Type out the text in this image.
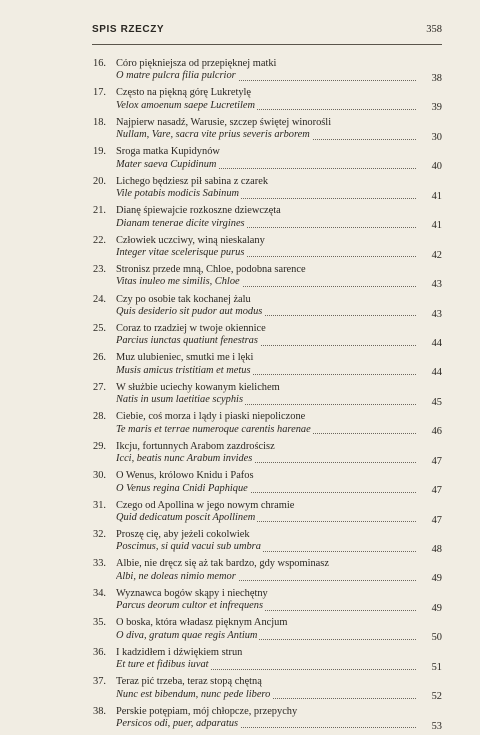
SPIS RZECZY	358
16. Córo piękniejsza od przepięknej matki
O matre pulcra filia pulcrior	38
17. Często na piękną górę Lukretylę
Velox amoenum saepe Lucretilem	39
18. Najpierw nasadź, Warusie, szczep świętej winorośli
Nullam, Vare, sacra vite prius severis arborem	30
19. Sroga matka Kupidynów
Mater saeva Cupidinum	40
20. Lichego będziesz pił sabina z czarek
Vile potabis modicis Sabinum	41
21. Dianę śpiewajcie rozkoszne dziewczęta
Dianam tenerae dicite virgines	41
22. Człowiek uczciwy, winą nieskalany
Integer vitae scelerisque purus	42
23. Stronisz przede mną, Chloe, podobna sarence
Vitas inuleo me similis, Chloe	43
24. Czy po osobie tak kochanej żalu
Quis desiderio sit pudor aut modus	43
25. Coraz to rzadziej w twoje okiennice
Parcius iunctas quatiunt fenestras	44
26. Muz ulubieniec, smutki me i lęki
Musis amicus tristitiam et metus	44
27. W służbie uciechy kowanym kielichem
Natis in usum laetitiae scyphis	45
28. Ciebie, coś morza i lądy i piaski niepoliczone
Te maris et terrae numeroque carentis harenae	46
29. Ikcju, fortunnych Arabom zazdrościsz
Icci, beatis nunc Arabum invides	47
30. O Wenus, królowo Knidu i Pafos
O Venus regina Cnidi Paphique	47
31. Czego od Apollina w jego nowym chramie
Quid dedicatum poscit Apollinem	47
32. Proszę cię, aby jeżeli cokolwiek
Poscimus, si quid vacui sub umbra	48
33. Albie, nie dręcz się aż tak bardzo, gdy wspominasz
Albi, ne doleas nimio memor	49
34. Wyznawca bogów skąpy i niechętny
Parcus deorum cultor et infrequens	49
35. O boska, która władasz pięknym Ancjum
O diva, gratum quae regis Antium	50
36. I kadzidłem i dźwiękiem strun
Et ture et fidibus iuvat	51
37. Teraz pić trzeba, teraz stopą chętną
Nunc est bibendum, nunc pede libero	52
38. Perskie potępiam, mój chłopcze, przepychy
Persicos odi, puer, adparatus	53
